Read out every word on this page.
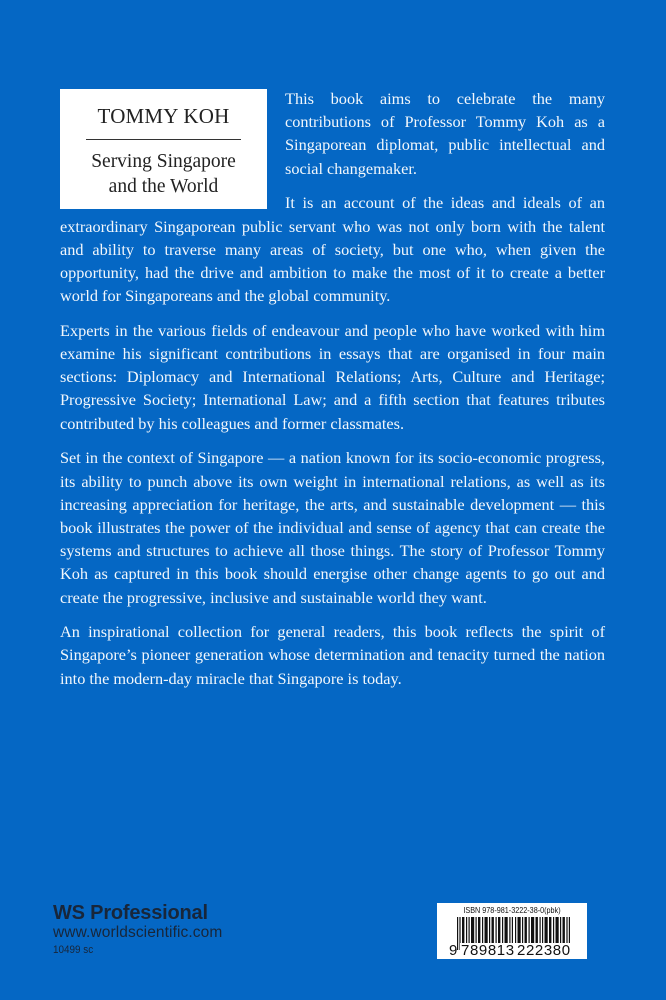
TOMMY KOH
Serving Singapore
and the World

This book aims to celebrate the many contributions of Professor Tommy Koh as a Singaporean diplomat, public intellectual and social changemaker.

It is an account of the ideas and ideals of an extraordinary Singaporean public servant who was not only born with the talent and ability to traverse many areas of society, but one who, when given the opportunity, had the drive and ambition to make the most of it to create a better world for Singaporeans and the global community.

Experts in the various fields of endeavour and people who have worked with him examine his significant contributions in essays that are organised in four main sections: Diplomacy and International Relations; Arts, Culture and Heritage; Progressive Society; International Law; and a fifth section that features tributes contributed by his colleagues and former classmates.

Set in the context of Singapore — a nation known for its socio-economic progress, its ability to punch above its own weight in international relations, as well as its increasing appreciation for heritage, the arts, and sustainable development — this book illustrates the power of the individual and sense of agency that can create the systems and structures to achieve all those things. The story of Professor Tommy Koh as captured in this book should energise other change agents to go out and create the progressive, inclusive and sustainable world they want.

An inspirational collection for general readers, this book reflects the spirit of Singapore’s pioneer generation whose determination and tenacity turned the nation into the modern-day miracle that Singapore is today.

WS Professional
www.worldscientific.com
10499 sc
ISBN 978-981-3222-38-0(pbk)
9 789813 222380
